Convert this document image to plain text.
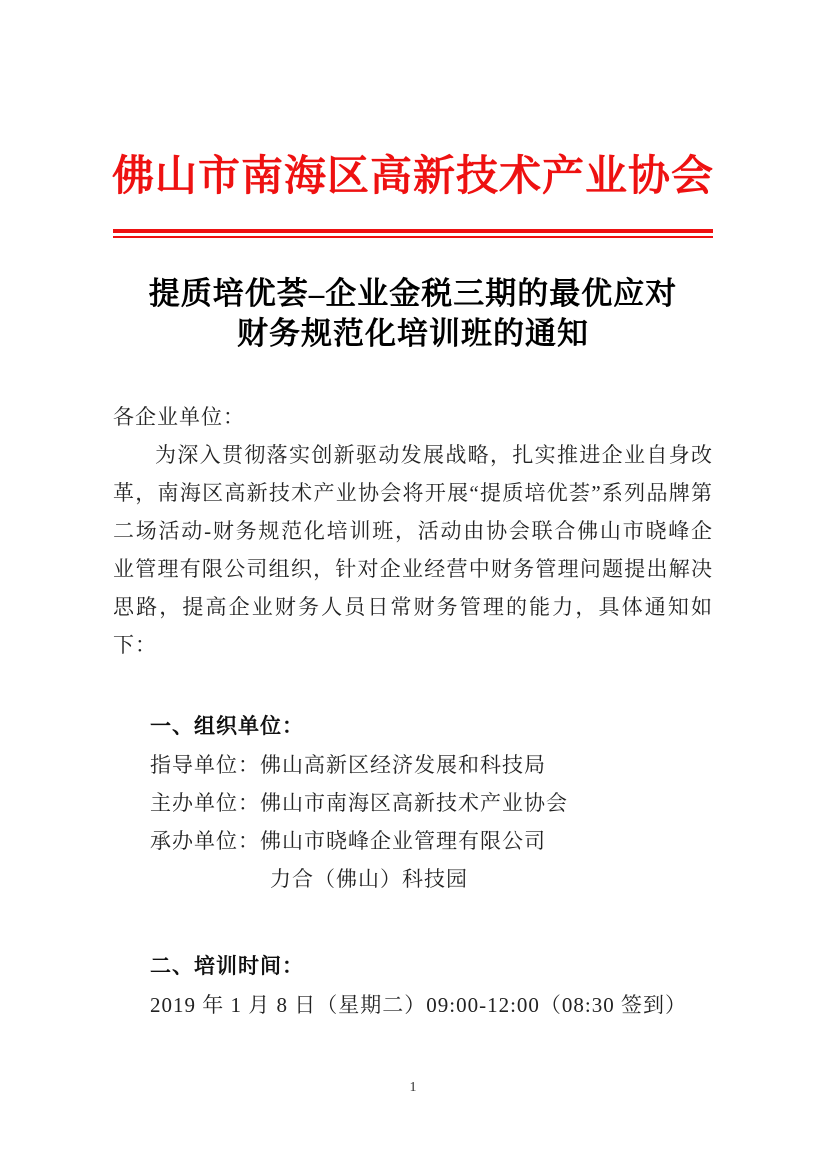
佛山市南海区高新技术产业协会
提质培优荟–企业金税三期的最优应对
财务规范化培训班的通知

各企业单位：

为深入贯彻落实创新驱动发展战略，扎实推进企业自身改革，南海区高新技术产业协会将开展“提质培优荟”系列品牌第二场活动-财务规范化培训班，活动由协会联合佛山市晓峰企业管理有限公司组织，针对企业经营中财务管理问题提出解决思路，提高企业财务人员日常财务管理的能力，具体通知如下：

一、组织单位：

指导单位：佛山高新区经济发展和科技局

主办单位：佛山市南海区高新技术产业协会

承办单位：佛山市晓峰企业管理有限公司

力合（佛山）科技园

二、培训时间：

2019 年 1 月 8 日（星期二）09:00-12:00（08:30 签到）

1
